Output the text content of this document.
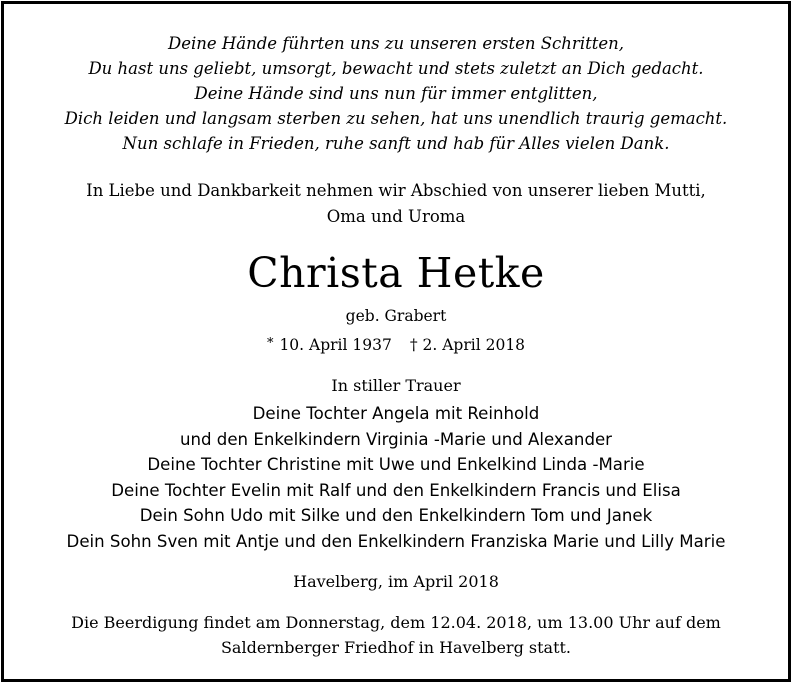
Deine Hände führten uns zu unseren ersten Schritten,
Du hast uns geliebt, umsorgt, bewacht und stets zuletzt an Dich gedacht.
Deine Hände sind uns nun für immer entglitten,
Dich leiden und langsam sterben zu sehen, hat uns unendlich traurig gemacht.
Nun schlafe in Frieden, ruhe sanft und hab für Alles vielen Dank.
In Liebe und Dankbarkeit nehmen wir Abschied von unserer lieben Mutti,
Oma und Uroma
Christa Hetke
geb. Grabert
* 10. April 1937 † 2. April 2018
In stiller Trauer
Deine Tochter Angela mit Reinhold
und den Enkelkindern Virginia -Marie und Alexander
Deine Tochter Christine mit Uwe und Enkelkind Linda -Marie
Deine Tochter Evelin mit Ralf und den Enkelkindern Francis und Elisa
Dein Sohn Udo mit Silke und den Enkelkindern Tom und Janek
Dein Sohn Sven mit Antje und den Enkelkindern Franziska Marie und Lilly Marie
Havelberg, im April 2018
Die Beerdigung findet am Donnerstag, dem 12.04. 2018, um 13.00 Uhr auf dem
Saldernberger Friedhof in Havelberg statt.
